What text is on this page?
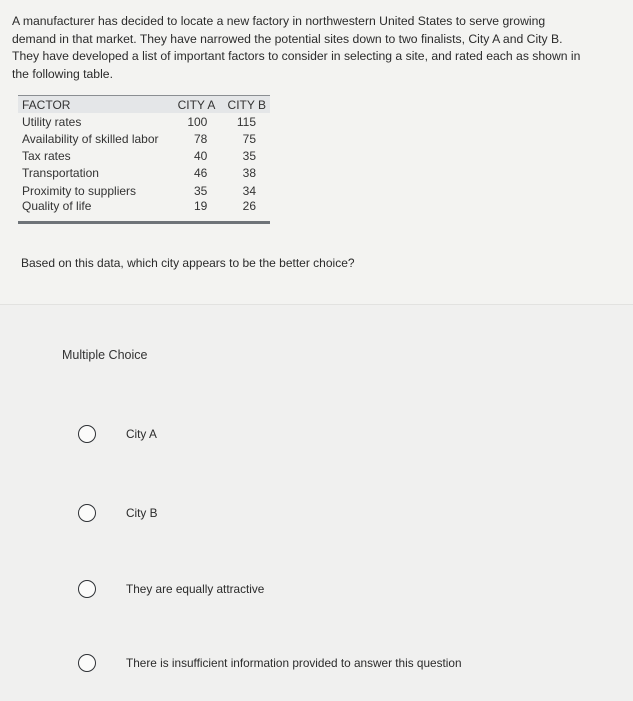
A manufacturer has decided to locate a new factory in northwestern United States to serve growing
demand in that market. They have narrowed the potential sites down to two finalists, City A and City B.
They have developed a list of important factors to consider in selecting a site, and rated each as shown in
the following table.
FACTOR	CITY A	CITY B
Utility rates	100	115
Availability of skilled labor	78	75
Tax rates	40	35
Transportation	46	38
Proximity to suppliers	35	34
Quality of life	19	26
Based on this data, which city appears to be the better choice?
Multiple Choice
City A
City B
They are equally attractive
There is insufficient information provided to answer this question
